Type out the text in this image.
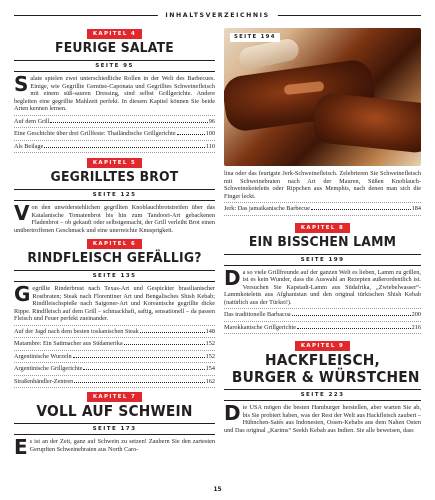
INHALTSVERZEICHNIS
KAPITEL 4
FEURIGE SALATE
SEITE 95
Salate spielen zwei unterschiedliche Rollen in der Welt des Barbecues. Einige, wie Gegrillte Gemüse-Caponata und Gegrilltes Schweinefleisch mit einem süß-sauren Dressing, sind selbst Grillgerichte. Andere begleiten eine gegrillte Mahlzeit perfekt. In diesem Kapitel können Sie beide Arten kennen lernen.
Auf dem Grill	96
Eine Geschichte über drei Grillfeste: Thailändische Grillgerichte	100
Als Beilage	110
KAPITEL 5
GEGRILLTES BROT
SEITE 125
Von den unwiderstehlichen gegrillten Knoblauchbrotstreifen über das Katalanische Tomatenbrot bis hin zum Tandoori-Art gebackenen Fladenbrot – ob gekauft oder selbstgemacht, der Grill verleiht Brot einen unübertroffenen Geschmack und eine unerreichte Knusprigkeit.
KAPITEL 6
RINDFLEISCH GEFÄLLIG?
SEITE 135
Gegrillte Rinderbrust nach Texas-Art und Gespickter brasilianischer Rostbraten; Steak nach Florentiner Art und Bengalisches Shish Kebab; Rindfleischspieße nach Saigoner-Art und Koreanische gegrillte dicke Rippe. Rindfleisch auf dem Grill – schmackhaft, saftig, sensationell – da passen Fleisch und Feuer perfekt zueinander.
Auf der Jagd nach dem besten toskanischen Steak	148
Matambre: Ein Sattmacher aus Südamerika	152
Argentinische Wurzeln	152
Argentinische Grillgerichte	154
Straßenhändler-Zentren	162
KAPITEL 7
VOLL AUF SCHWEIN
SEITE 173
Es ist an der Zeit, ganz auf Schwein zu setzen! Zaubern Sie den zartesten Gerupften Schweinebraten aus North Caro-
SEITE 194
lina oder das feurigste Jerk-Schweinefleisch. Zelebrieren Sie Schweinefleisch mit Schweinebraten nach Art der Mauren, Süßen Knoblauch-Schweinekoteletts oder Rippchen aus Memphis, nach denen man sich die Finger leckt.
Jerk: Das jamaikanische Barbecue	184
KAPITEL 8
EIN BISSCHEN LAMM
SEITE 199
Da so viele Grillfreunde auf der ganzen Welt es lieben, Lamm zu grillen, ist es kein Wunder, dass die Auswahl an Rezepten außerordentlich ist. Versuchen Sie Kapstadt-Lamm aus Südafrika, „Zwiebelwasser“-Lammkoteletts aus Afghanistan und den original türkischen Shish Kebab (natürlich aus der Türkei!).
Das traditionelle Barbacoa	200
Marokkanische Grillgerichte	216
KAPITEL 9
HACKFLEISCH,
BURGER & WÜRSTCHEN
SEITE 223
Die USA mögen die besten Hamburger herstellen, aber warten Sie ab, bis Sie probiert haben, was der Rest der Welt aus Hackfleisch zaubert – Hühnchen-Satés aus Indonesien, Ossen-Kebabs aus dem Nahen Osten und Das original „Karims“ Seekh Kebab aus Indien. Sie alle beweisen, dass
15
